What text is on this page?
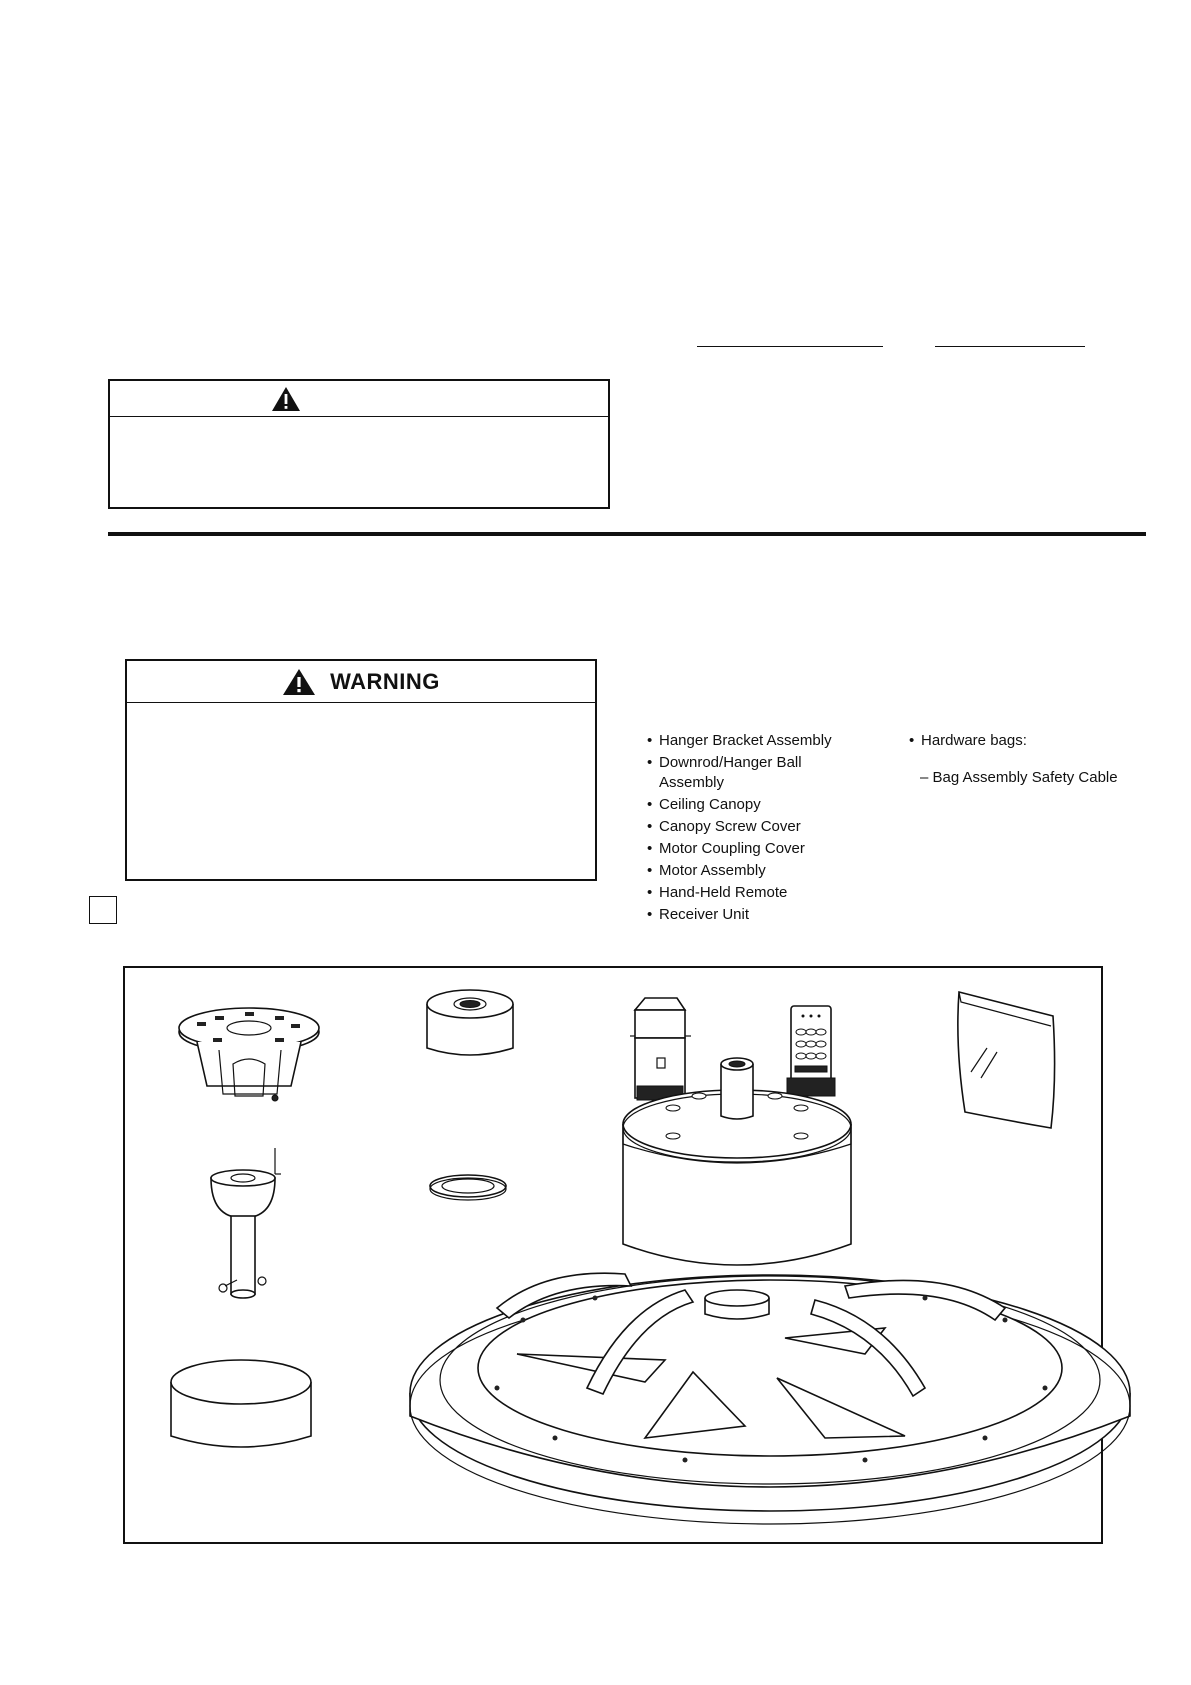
WARNING
• Hanger Bracket Assembly
• Downrod/Hanger Ball Assembly
• Ceiling Canopy
• Canopy Screw Cover
• Motor Coupling Cover
• Motor Assembly
• Hand-Held Remote
• Receiver Unit
• Hardware bags:
– Bag Assembly Safety Cable
